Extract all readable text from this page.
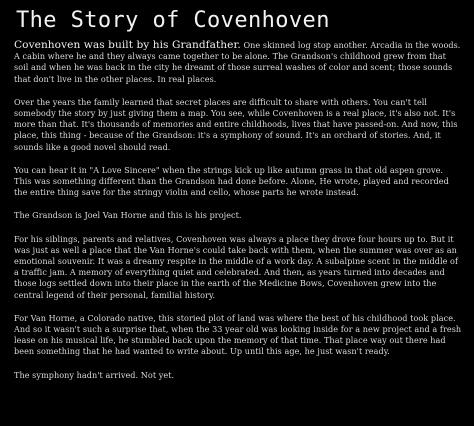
The Story of Covenhoven

Covenhoven was built by his Grandfather. One skinned log stop another. Arcadia in the woods. A cabin where he and they always came together to be alone. The Grandson's childhood grew from that soil and when he was back in the city he dreamt of those surreal washes of color and scent; those sounds that don't live in the other places. In real places.

Over the years the family learned that secret places are difficult to share with others. You can't tell somebody the story by just giving them a map. You see, while Covenhoven is a real place, it's also not. It's more than that. It's thousands of memories and entire childhoods, lives that have passed-on. And now, this place, this thing - because of the Grandson: it's a symphony of sound. It's an orchard of stories. And, it sounds like a good novel should read.

You can hear it in "A Love Sincere" when the strings kick up like autumn grass in that old aspen grove. This was something different than the Grandson had done before. Alone, He wrote, played and recorded the entire thing save for the stringy violin and cello, whose parts he wrote instead.

The Grandson is Joel Van Horne and this is his project.

For his siblings, parents and relatives, Covenhoven was always a place they drove four hours up to. But it was just as well a place that the Van Horne's could take back with them, when the summer was over as an emotional souvenir. It was a dreamy respite in the middle of a work day. A subalpine scent in the middle of a traffic jam. A memory of everything quiet and celebrated. And then, as years turned into decades and those logs settled down into their place in the earth of the Medicine Bows, Covenhoven grew into the central legend of their personal, familial history.

For Van Horne, a Colorado native, this storied plot of land was where the best of his childhood took place. And so it wasn't such a surprise that, when the 33 year old was looking inside for a new project and a fresh lease on his musical life, he stumbled back upon the memory of that time. That place way out there had been something that he had wanted to write about. Up until this age, he just wasn't ready.

The symphony hadn't arrived. Not yet.
